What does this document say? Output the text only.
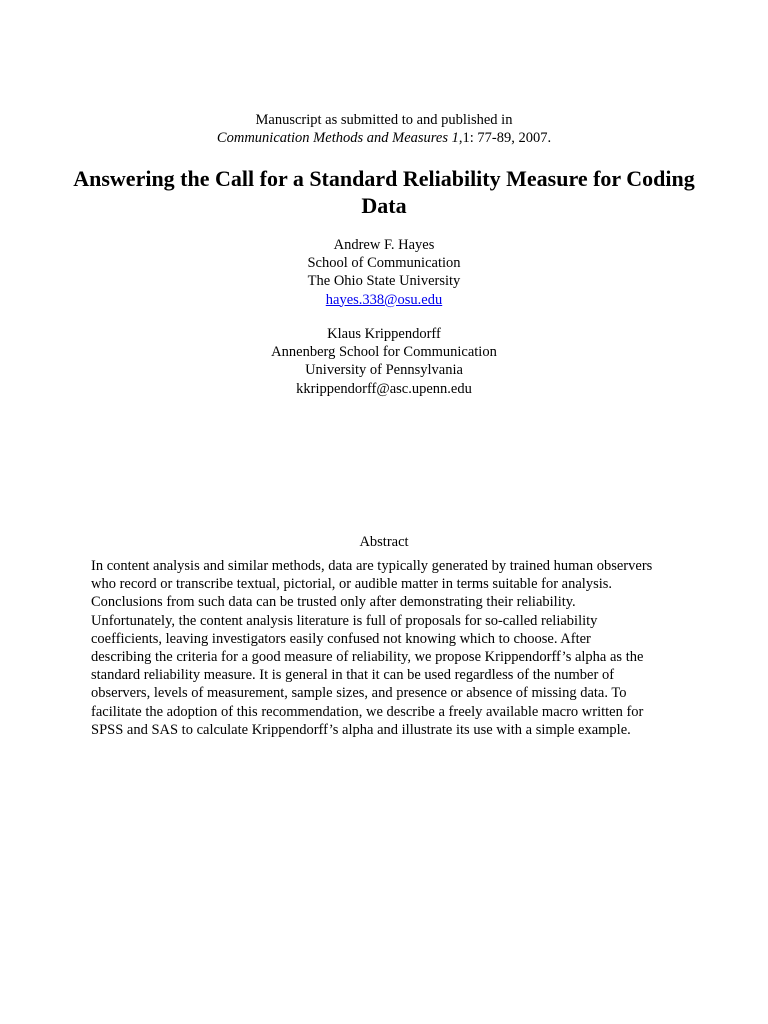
Manuscript as submitted to and published in
Communication Methods and Measures 1,1: 77-89, 2007.
Answering the Call for a Standard Reliability Measure for Coding Data
Andrew F. Hayes
School of Communication
The Ohio State University
hayes.338@osu.edu
Klaus Krippendorff
Annenberg School for Communication
University of Pennsylvania
kkrippendorff@asc.upenn.edu
Abstract
In content analysis and similar methods, data are typically generated by trained human observers
who record or transcribe textual, pictorial, or audible matter in terms suitable for analysis.
Conclusions from such data can be trusted only after demonstrating their reliability.
Unfortunately, the content analysis literature is full of proposals for so-called reliability
coefficients, leaving investigators easily confused not knowing which to choose. After
describing the criteria for a good measure of reliability, we propose Krippendorff’s alpha as the
standard reliability measure. It is general in that it can be used regardless of the number of
observers, levels of measurement, sample sizes, and presence or absence of missing data. To
facilitate the adoption of this recommendation, we describe a freely available macro written for
SPSS and SAS to calculate Krippendorff’s alpha and illustrate its use with a simple example.
